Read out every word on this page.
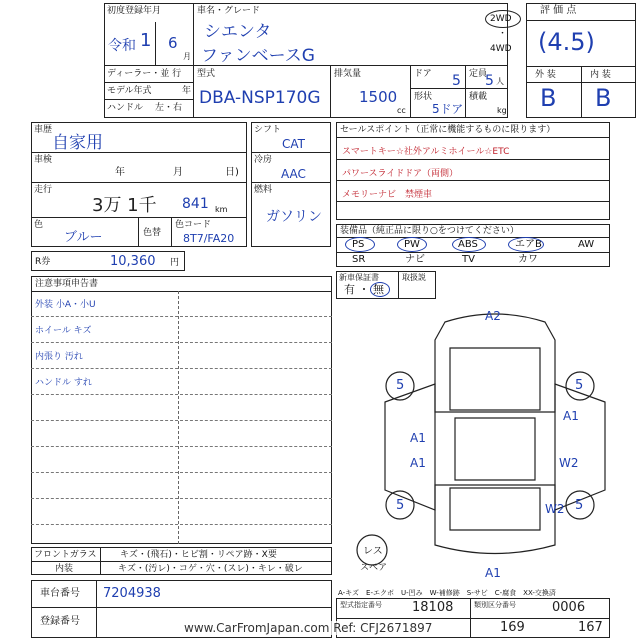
初度登録年月
令和 1 6
月
車名・グレード
シエンタ
ファンベースG
2WD
・
4WD
評 価 点
(4.5)
外 装	内 装
B B
ディーラー・並 行
モデル年式	年
ハンドル 左・右
型式
DBA-NSP170G
排気量
1500
cc
ドア 5 定員
5 人
形状
5ドア
積載
kg
車歴
自家用
車検
年	月	日)
走行
3万 1千 841 km
色
ブルー	色替
色コード
8T7/FA20
シフト
CAT
冷房
AAC
燃料
ガソリン
R券	10,360 円
セールスポイント（正常に機能するものに限ります）
スマートキー☆社外アルミホイール☆ETC
パワースライドドア（両側）
メモリーナビ　禁煙車
装備品（純正品に限り○をつけてください）
PS	PW	ABS	エアB	AW
SR	ナビ	TV	カワ
新車保証書	取扱説
有 ・ 無
注意事項申告書
外装 小A・小U
ホイール キズ
内張り 汚れ
ハンドル すれ
A2
5	5
A1
A1
A1
W2
W2
5	5
A1
レス
スペア
フロントガラス	キズ・(飛石)・ヒビ割・リペア跡・X要
内装	キズ・(汚レ)・コゲ・穴・(スレ)・キレ・破レ
車台番号 7204938
登録番号
A-キズ　E-エクボ　U-凹み　W-補修跡　S-サビ　C-腐食　XX-交換済
型式指定番号 18108	類別区分番号	0006
169	167
www.CarFromJapan.com Ref: CFJ2671897
